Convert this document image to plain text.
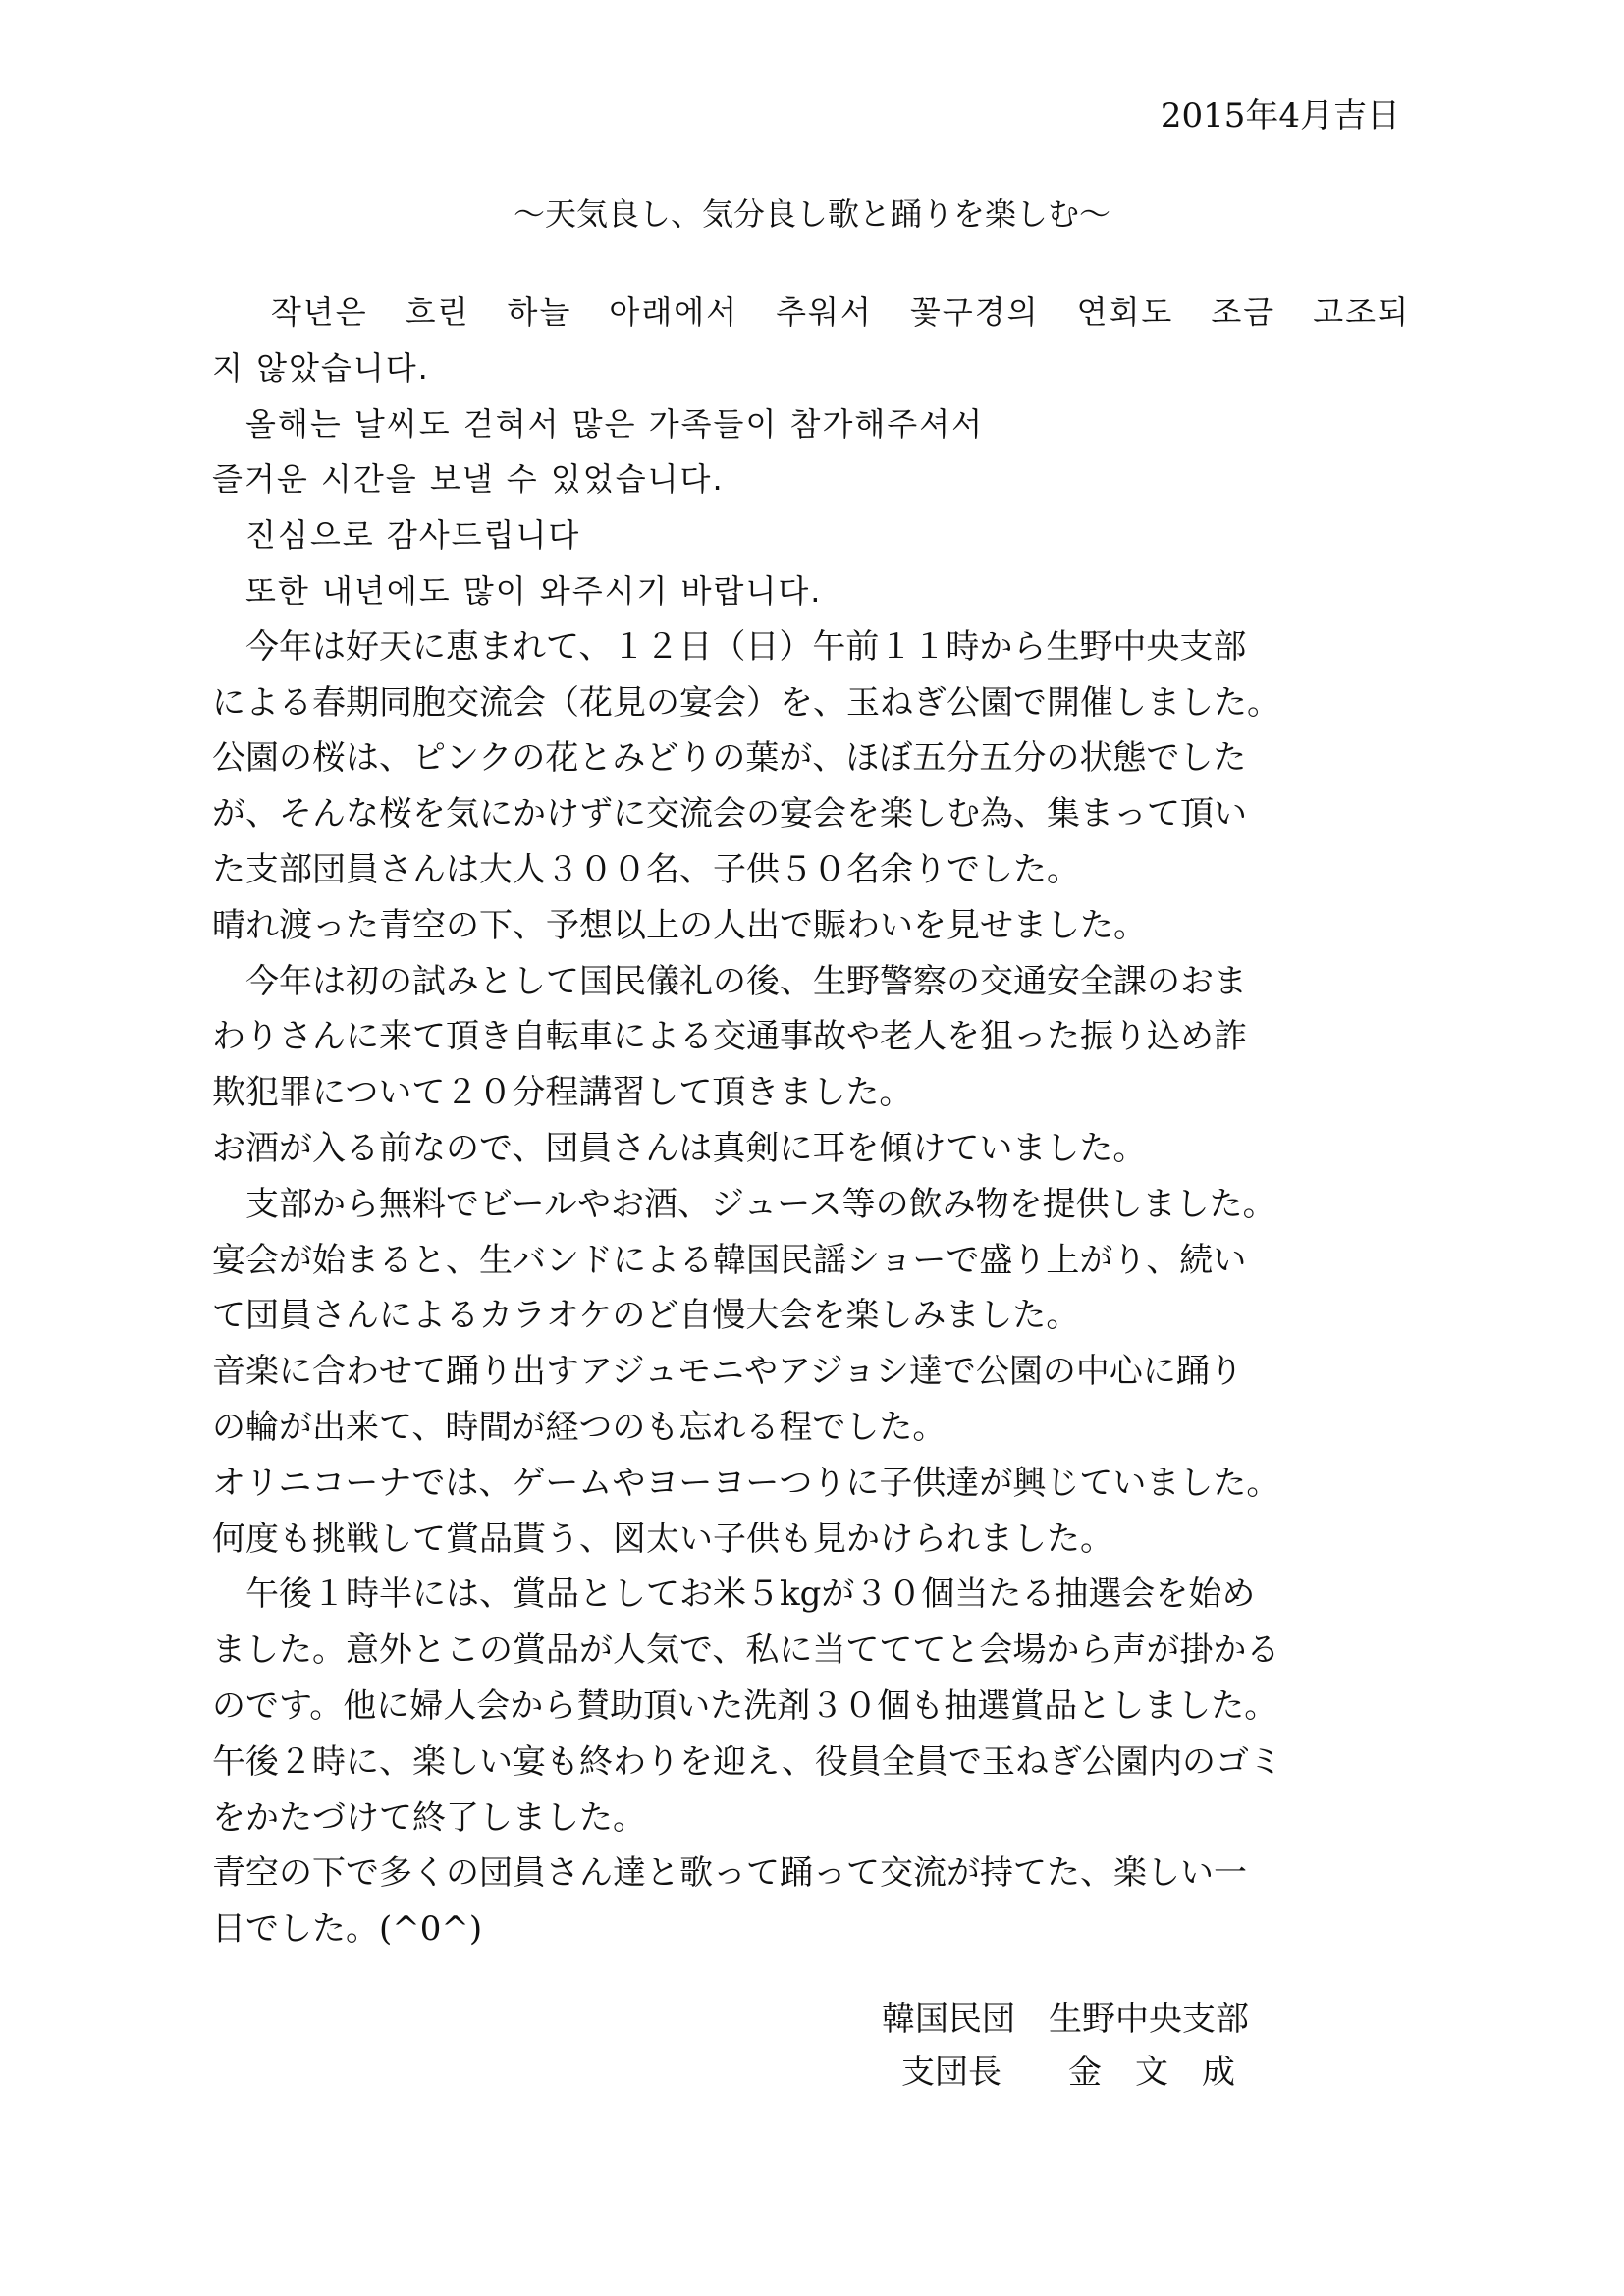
2015年4月吉日
～天気良し、気分良し歌と踊りを楽しむ～
　작년은 흐린 하늘 아래에서 추워서 꽃구경의 연회도 조금 고조되
지 않았습니다.
　올해는 날씨도 걷혀서 많은 가족들이 참가해주셔서
즐거운 시간을 보낼 수 있었습니다.
　진심으로 감사드립니다
　또한 내년에도 많이 와주시기 바랍니다.
　今年は好天に恵まれて、１２日（日）午前１１時から生野中央支部
による春期同胞交流会（花見の宴会）を、玉ねぎ公園で開催しました。
公園の桜は、ピンクの花とみどりの葉が、ほぼ五分五分の状態でした
が、そんな桜を気にかけずに交流会の宴会を楽しむ為、集まって頂い
た支部団員さんは大人３００名、子供５０名余りでした。
晴れ渡った青空の下、予想以上の人出で賑わいを見せました。
　今年は初の試みとして国民儀礼の後、生野警察の交通安全課のおま
わりさんに来て頂き自転車による交通事故や老人を狙った振り込め詐
欺犯罪について２０分程講習して頂きました。
お酒が入る前なので、団員さんは真剣に耳を傾けていました。
　支部から無料でビールやお酒、ジュース等の飲み物を提供しました。
宴会が始まると、生バンドによる韓国民謡ショーで盛り上がり、続い
て団員さんによるカラオケのど自慢大会を楽しみました。
音楽に合わせて踊り出すアジュモニやアジョシ達で公園の中心に踊り
の輪が出来て、時間が経つのも忘れる程でした。
オリニコーナでは、ゲームやヨーヨーつりに子供達が興じていました。
何度も挑戦して賞品貰う、図太い子供も見かけられました。
　午後１時半には、賞品としてお米５kgが３０個当たる抽選会を始め
ました。意外とこの賞品が人気で、私に当てててと会場から声が掛かる
のです。他に婦人会から賛助頂いた洗剤３０個も抽選賞品としました。
午後２時に、楽しい宴も終わりを迎え、役員全員で玉ねぎ公園内のゴミ
をかたづけて終了しました。
青空の下で多くの団員さん達と歌って踊って交流が持てた、楽しい一
日でした。(^0^)
韓国民団　生野中央支部
支団長　　金　文　成
